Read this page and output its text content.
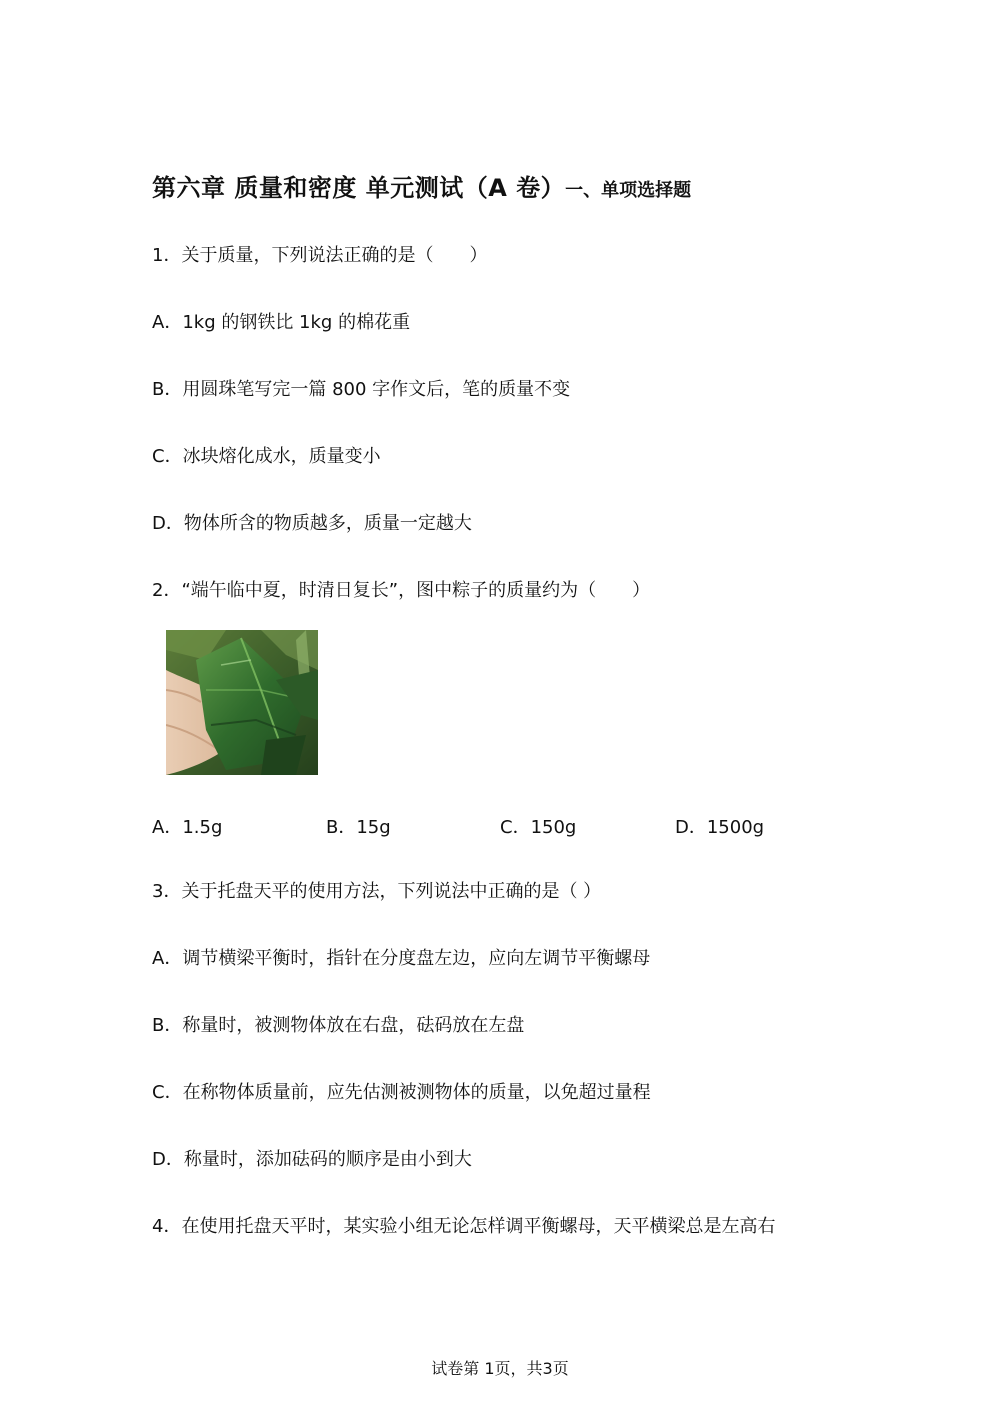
第六章 质量和密度 单元测试（A 卷）一、单项选择题
1．关于质量，下列说法正确的是（　　）
A．1kg 的钢铁比 1kg 的棉花重
B．用圆珠笔写完一篇 800 字作文后，笔的质量不变
C．冰块熔化成水，质量变小
D．物体所含的物质越多，质量一定越大
2．“端午临中夏，时清日复长”，图中粽子的质量约为（　　）
A．1.5g	B．15g	C．150g	D．1500g
3．关于托盘天平的使用方法，下列说法中正确的是（ ）
A．调节横梁平衡时，指针在分度盘左边，应向左调节平衡螺母
B．称量时，被测物体放在右盘，砝码放在左盘
C．在称物体质量前，应先估测被测物体的质量，以免超过量程
D．称量时，添加砝码的顺序是由小到大
4．在使用托盘天平时，某实验小组无论怎样调平衡螺母，天平横梁总是左高右
试卷第 1页，共3页
